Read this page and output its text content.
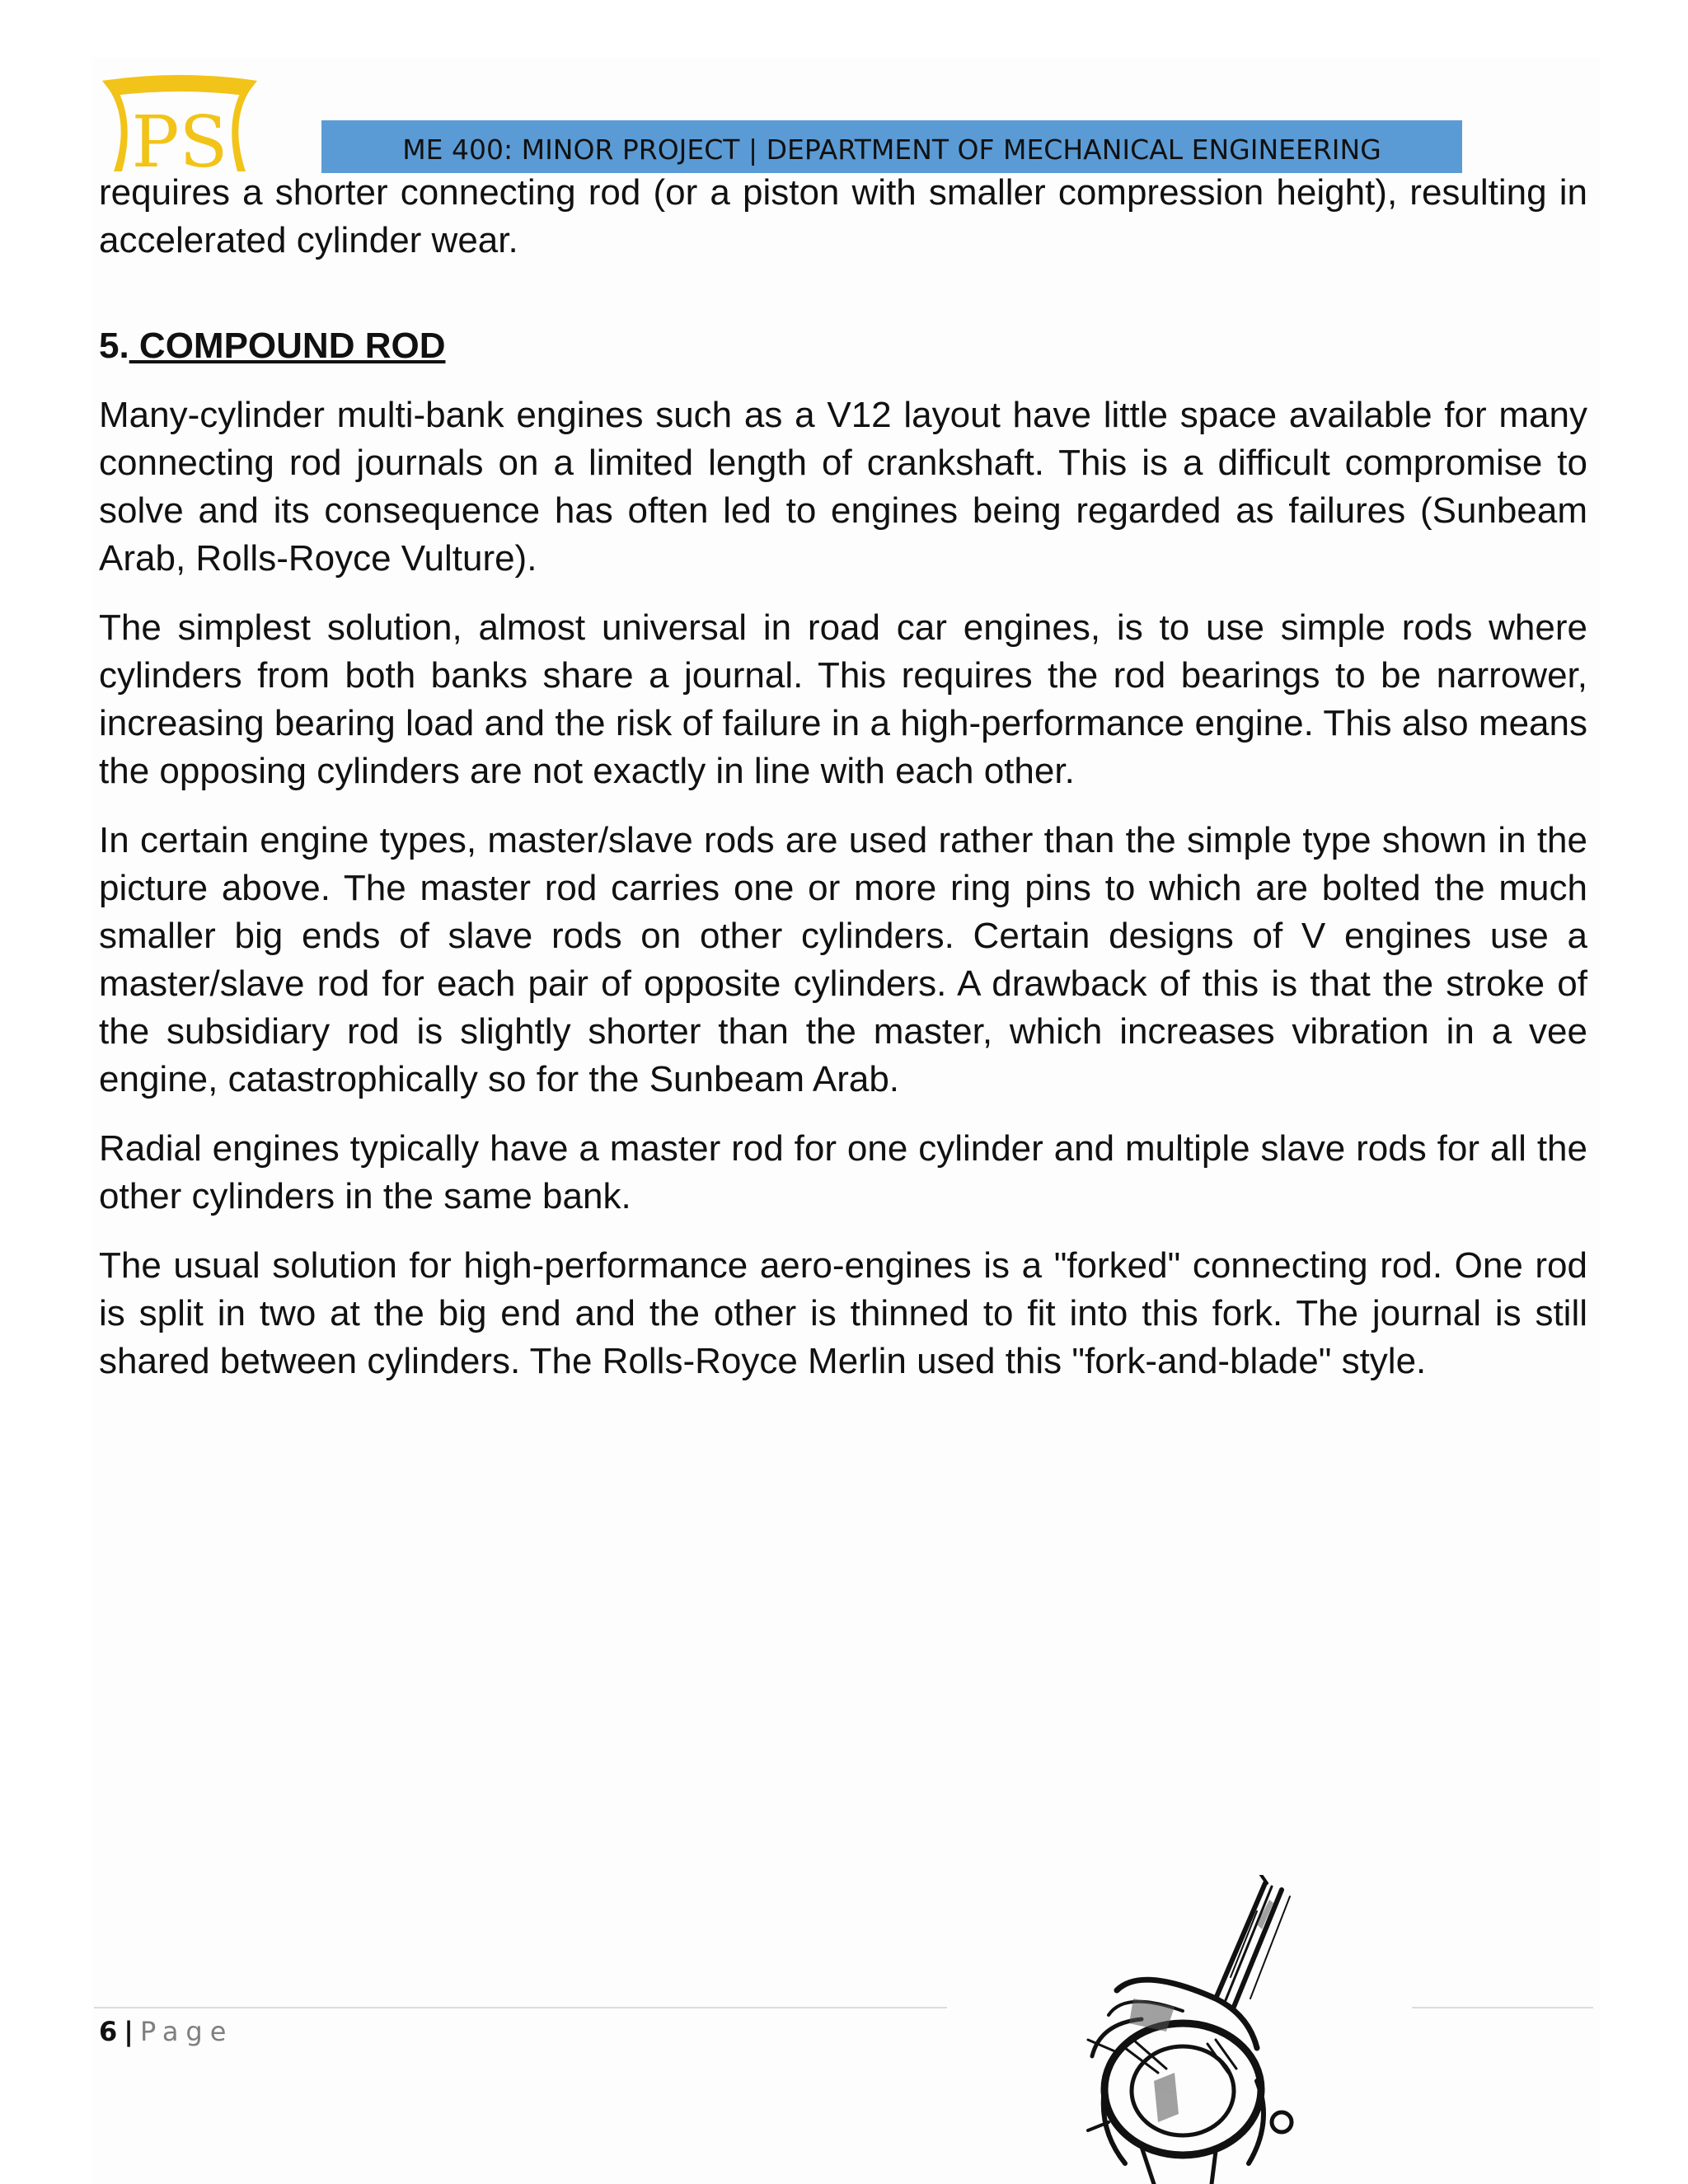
PS	ME 400: MINOR PROJECT | DEPARTMENT OF MECHANICAL ENGINEERING

requires a shorter connecting rod (or a piston with smaller compression height), resulting in accelerated cylinder wear.

5. COMPOUND ROD

Many-cylinder multi-bank engines such as a V12 layout have little space available for many connecting rod journals on a limited length of crankshaft. This is a difficult compromise to solve and its consequence has often led to engines being regarded as failures (Sunbeam Arab, Rolls-Royce Vulture).

The simplest solution, almost universal in road car engines, is to use simple rods where cylinders from both banks share a journal. This requires the rod bearings to be narrower, increasing bearing load and the risk of failure in a high-performance engine. This also means the opposing cylinders are not exactly in line with each other.

In certain engine types, master/slave rods are used rather than the simple type shown in the picture above. The master rod carries one or more ring pins to which are bolted the much smaller big ends of slave rods on other cylinders. Certain designs of V engines use a master/slave rod for each pair of opposite cylinders. A drawback of this is that the stroke of the subsidiary rod is slightly shorter than the master, which increases vibration in a vee engine, catastrophically so for the Sunbeam Arab.

Radial engines typically have a master rod for one cylinder and multiple slave rods for all the other cylinders in the same bank.

The usual solution for high-performance aero-engines is a "forked" connecting rod. One rod is split in two at the big end and the other is thinned to fit into this fork. The journal is still shared between cylinders. The Rolls-Royce Merlin used this "fork-and-blade" style.

6 | Page
